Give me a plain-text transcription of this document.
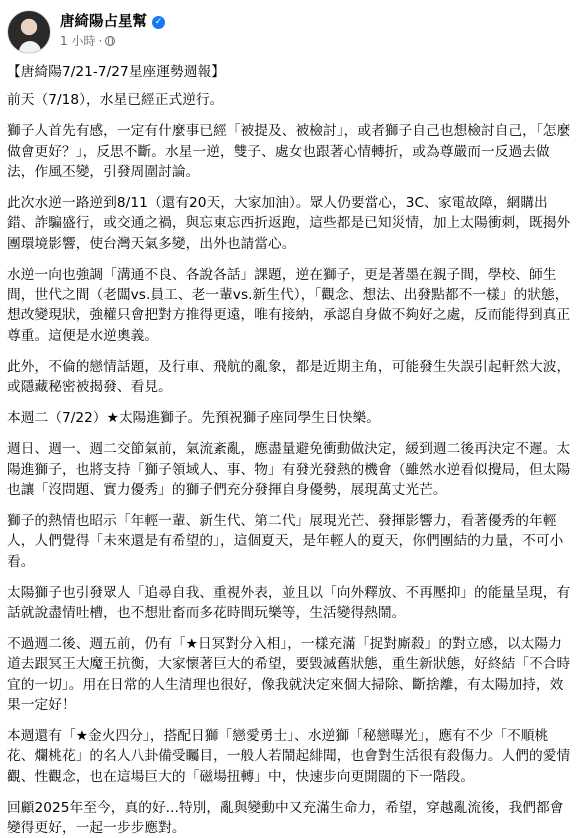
唐綺陽占星幫 ✓
1 小時 ·

【唐綺陽7/21-7/27星座運勢週報】

前天（7/18），水星已經正式逆行。

獅子人首先有感，一定有什麼事已經「被提及、被檢討」，或者獅子自己也想檢討自己，「怎麼做會更好？」，反思不斷。水星一逆，雙子、處女也跟著心情轉折，或為尊嚴而一反過去做法，作風丕變，引發周圍討論。

此次水逆一路逆到8/11（還有20天，大家加油）。眾人仍要當心，3C、家電故障，網購出錯、詐騙盛行，或交通之禍，與忘東忘西折返跑，這些都是已知災情，加上太陽衝刺，既揭外團環境影響，使台灣天氣多變，出外也請當心。

水逆一向也強調「溝通不良、各說各話」課題，逆在獅子，更是著墨在親子間，學校、師生間，世代之間（老闆vs.員工、老一輩vs.新生代），「觀念、想法、出發點都不一樣」的狀態，想改變現狀，強權只會把對方推得更遠，唯有接納，承認自身做不夠好之處，反而能得到真正尊重。這便是水逆奧義。

此外，不倫的戀情話題，及行車、飛航的亂象，都是近期主角，可能發生失誤引起軒然大波，或隱藏秘密被揭發、看見。

本週二（7/22）★太陽進獅子。先預祝獅子座同學生日快樂。

週日、週一、週二交節氣前，氣流紊亂，應盡量避免衝動做決定，緩到週二後再決定不遲。太陽進獅子，也將支持「獅子領域人、事、物」有發光發熱的機會（雖然水逆看似攪局，但太陽也讓「沒問題、實力優秀」的獅子們充分發揮自身優勢，展現萬丈光芒。

獅子的熱情也昭示「年輕一輩、新生代、第二代」展現光芒、發揮影響力，看著優秀的年輕人，人們覺得「未來還是有希望的」，這個夏天，是年輕人的夏天，你們團結的力量，不可小看。

太陽獅子也引發眾人「追尋自我、重視外表，並且以「向外釋放、不再壓抑」的能量呈現，有話就說盡情吐槽，也不想壯畜而多花時間玩樂等，生活變得熱鬧。

不過週二後、週五前，仍有「★日冥對分入相」，一樣充滿「捉對廝殺」的對立感，以太陽力道去跟冥王大魔王抗衡，大家懷著巨大的希望，要毀滅舊狀態，重生新狀態，好終結「不合時宜的一切」。用在日常的人生清理也很好，像我就決定來個大掃除、斷捨離，有太陽加持，效果一定好！

本週還有「★金火四分」，搭配日獅「戀愛勇士」、水逆獅「秘戀曝光」，應有不少「不順桃花、爛桃花」的名人八卦備受矚目，一般人若鬧起緋聞，也會對生活很有殺傷力。人們的愛情觀、性觀念，也在這場巨大的「磁場扭轉」中，快速步向更開闊的下一階段。

回顧2025年至今，真的好...特別，亂與變動中又充滿生命力，希望，穿越亂流後，我們都會變得更好，一起一步步應對。
